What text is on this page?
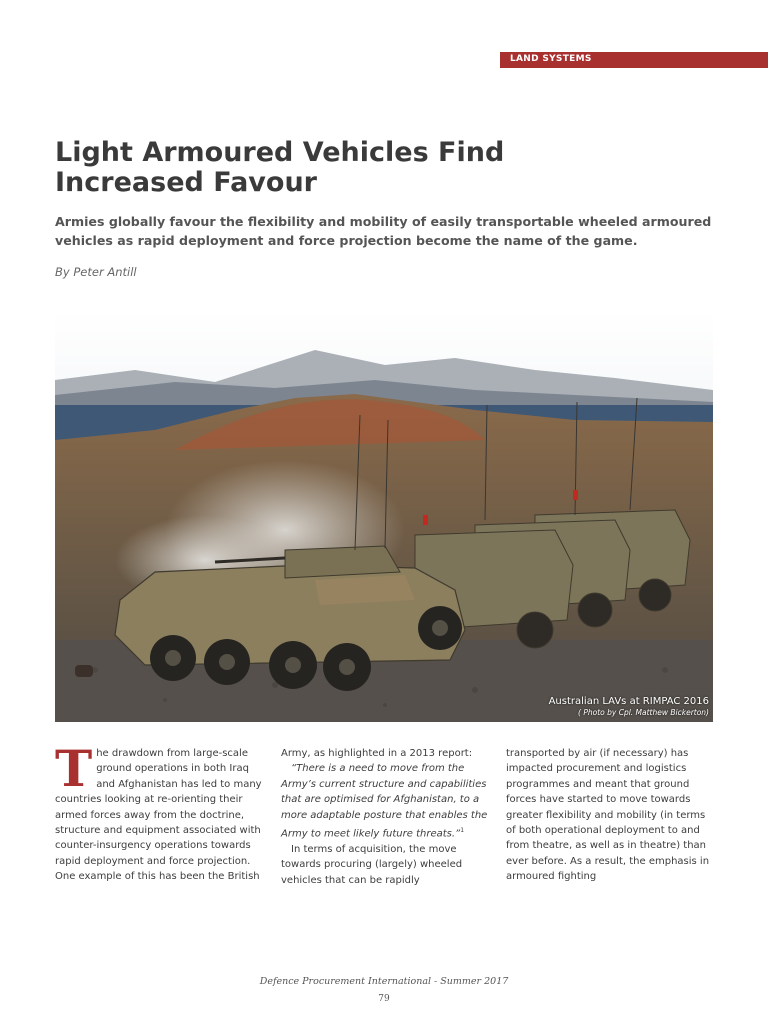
LAND SYSTEMS
Light Armoured Vehicles Find
Increased Favour

Armies globally favour the flexibility and mobility of easily transportable wheeled armoured vehicles as rapid deployment and force projection become the name of the game.

By Peter Antill

Australian LAVs at RIMPAC 2016
( Photo by Cpl. Matthew Bickerton)

The drawdown from large-scale ground operations in both Iraq and Afghanistan has led to many countries looking at re-orienting their armed forces away from the doctrine, structure and equipment associated with counter-insurgency operations towards rapid deployment and force projection. One example of this has been the British

Army, as highlighted in a 2013 report:

“There is a need to move from the Army’s current structure and capabilities that are optimised for Afghanistan, to a more adaptable posture that enables the Army to meet likely future threats.”$^1$

In terms of acquisition, the move towards procuring (largely) wheeled vehicles that can be rapidly

transported by air (if necessary) has impacted procurement and logistics programmes and meant that ground forces have started to move towards greater flexibility and mobility (in terms of both operational deployment to and from theatre, as well as in theatre) than ever before. As a result, the emphasis in armoured fighting

Defence Procurement International - Summer 2017
79
